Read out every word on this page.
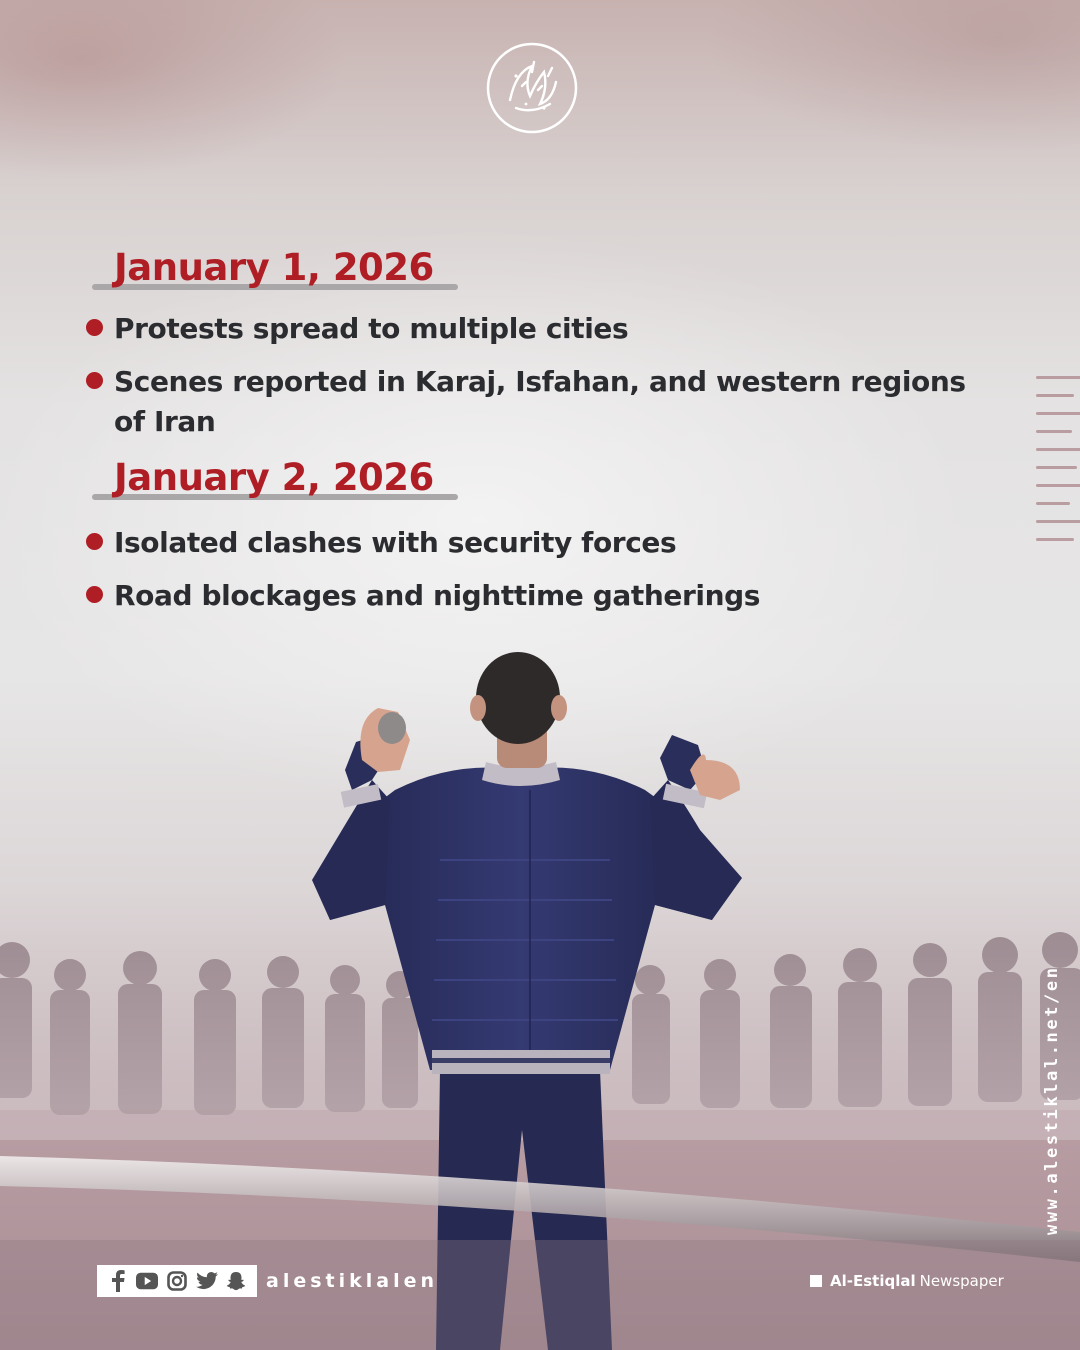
January 1, 2026
Protests spread to multiple cities
Scenes reported in Karaj, Isfahan, and western regions of Iran
January 2, 2026
Isolated clashes with security forces
Road blockages and nighttime gatherings
www.alestiklal.net/en
alestiklalen	Al-Estiqlal Newspaper
